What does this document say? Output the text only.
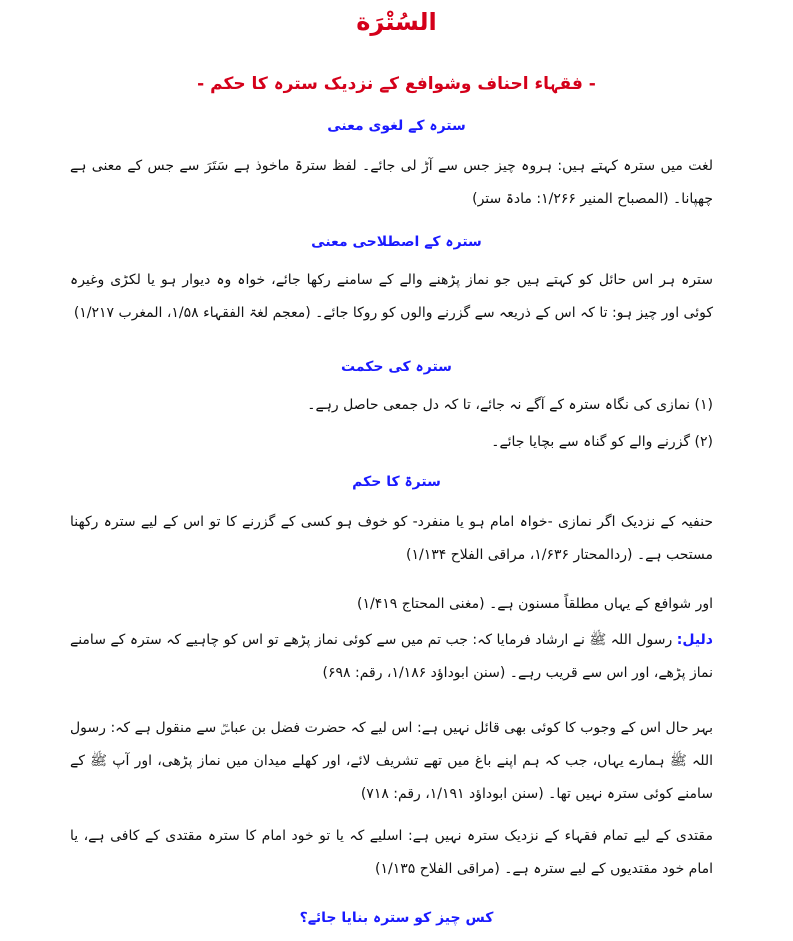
السُتْرَة
- فقہاء احناف وشوافع کے نزدیک سترہ کا حکم -
سترہ کے لغوی معنی
لغت میں سترہ کہتے ہیں: ہروہ چیز جس سے آڑ لی جائے۔ لفظ سترۃ ماخوذ ہے سَتَرَ سے جس کے معنی ہے چھپانا۔ (المصباح المنیر ۱/۲۶۶: مادۃ ستر)
سترہ کے اصطلاحی معنی
سترہ ہر اس حائل کو کہتے ہیں جو نماز پڑھنے والے کے سامنے رکھا جائے، خواہ وہ دیوار ہو یا لکڑی وغیرہ کوئی اور چیز ہو: تا کہ اس کے ذریعہ سے گزرنے والوں کو روکا جائے۔ (معجم لغۃ الفقہاء ۱/۵۸، المغرب ۱/۲۱۷)
سترہ کی حکمت
(۱) نمازی کی نگاہ سترہ کے آگے نہ جائے، تا کہ دل جمعی حاصل رہے۔
(۲) گزرنے والے کو گناہ سے بچایا جائے۔
سترۃ کا حکم
حنفیہ کے نزدیک اگر نمازی -خواہ امام ہو یا منفرد- کو خوف ہو کسی کے گزرنے کا تو اس کے لیے سترہ رکھنا مستحب ہے۔ (ردالمحتار ۱/۶۳۶، مراقی الفلاح ۱/۱۳۴)
اور شوافع کے یہاں مطلقاً مسنون ہے۔ (مغنی المحتاج ۱/۴۱۹)
دلیل: رسول اللہ ﷺ نے ارشاد فرمایا کہ: جب تم میں سے کوئی نماز پڑھے تو اس کو چاہیے کہ سترہ کے سامنے نماز پڑھے، اور اس سے قریب رہے۔ (سنن ابوداؤد ۱/۱۸۶، رقم: ۶۹۸)
بہر حال اس کے وجوب کا کوئی بھی قائل نہیں ہے: اس لیے کہ حضرت فضل بن عباسؓ سے منقول ہے کہ: رسول اللہ ﷺ ہمارے یہاں، جب کہ ہم اپنے باغ میں تھے تشریف لائے، اور کھلے میدان میں نماز پڑھی، اور آپ ﷺ کے سامنے کوئی سترہ نہیں تھا۔ (سنن ابوداؤد ۱/۱۹۱، رقم: ۷۱۸)
مقتدی کے لیے تمام فقہاء کے نزدیک سترہ نہیں ہے: اسلیے کہ یا تو خود امام کا سترہ مقتدی کے کافی ہے، یا امام خود مقتدیوں کے لیے سترہ ہے۔ (مراقی الفلاح ۱/۱۳۵)
کس چیز کو سترہ بنایا جائے؟
